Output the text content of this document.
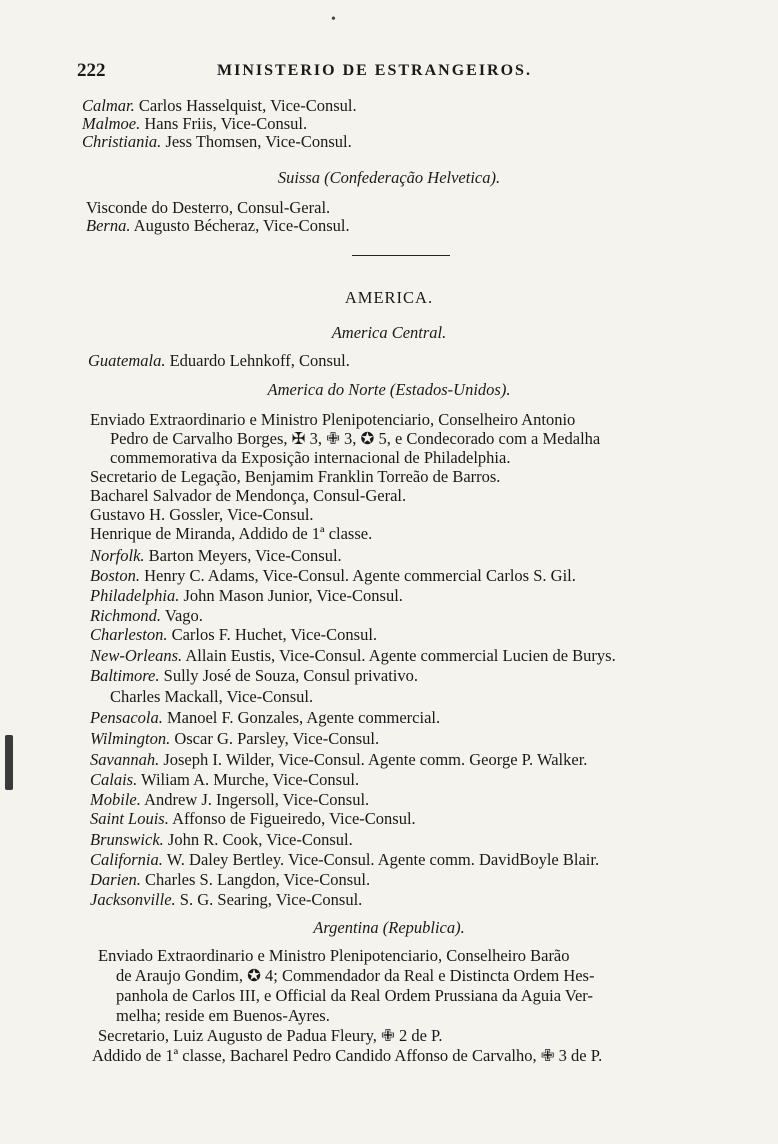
222	MINISTERIO DE ESTRANGEIROS.
•
Calmar. Carlos Hasselquist, Vice-Consul.
Malmoe. Hans Friis, Vice-Consul.
Christiania. Jess Thomsen, Vice-Consul.
Suissa (Confederação Helvetica).
Visconde do Desterro, Consul-Geral.
Berna. Augusto Bécheraz, Vice-Consul.
AMERICA.
America Central.
Guatemala. Eduardo Lehnkoff, Consul.
America do Norte (Estados-Unidos).
Enviado Extraordinario e Ministro Plenipotenciario, Conselheiro Antonio
Pedro de Carvalho Borges, ✠ 3, ✙ 3, ✪ 5, e Condecorado com a Medalha
commemorativa da Exposição internacional de Philadelphia.
Secretario de Legação, Benjamim Franklin Torreão de Barros.
Bacharel Salvador de Mendonça, Consul-Geral.
Gustavo H. Gossler, Vice-Consul.
Henrique de Miranda, Addido de 1ª classe.
Norfolk. Barton Meyers, Vice-Consul.
Boston. Henry C. Adams, Vice-Consul. Agente commercial Carlos S. Gil.
Philadelphia. John Mason Junior, Vice-Consul.
Richmond. Vago.
Charleston. Carlos F. Huchet, Vice-Consul.
New-Orleans. Allain Eustis, Vice-Consul. Agente commercial Lucien de Burys.
Baltimore. Sully José de Souza, Consul privativo.
Charles Mackall, Vice-Consul.
Pensacola. Manoel F. Gonzales, Agente commercial.
Wilmington. Oscar G. Parsley, Vice-Consul.
Savannah. Joseph I. Wilder, Vice-Consul. Agente comm. George P. Walker.
Calais. Wiliam A. Murche, Vice-Consul.
Mobile. Andrew J. Ingersoll, Vice-Consul.
Saint Louis. Affonso de Figueiredo, Vice-Consul.
Brunswick. John R. Cook, Vice-Consul.
California. W. Daley Bertley. Vice-Consul. Agente comm. DavidBoyle Blair.
Darien. Charles S. Langdon, Vice-Consul.
Jacksonville. S. G. Searing, Vice-Consul.
Argentina (Republica).
Enviado Extraordinario e Ministro Plenipotenciario, Conselheiro Barão
de Araujo Gondim, ✪ 4; Commendador da Real e Distincta Ordem Hes-
panhola de Carlos III, e Official da Real Ordem Prussiana da Aguia Ver-
melha; reside em Buenos-Ayres.
Secretario, Luiz Augusto de Padua Fleury, ✙ 2 de P.
Addido de 1ª classe, Bacharel Pedro Candido Affonso de Carvalho, ✙ 3 de P.
